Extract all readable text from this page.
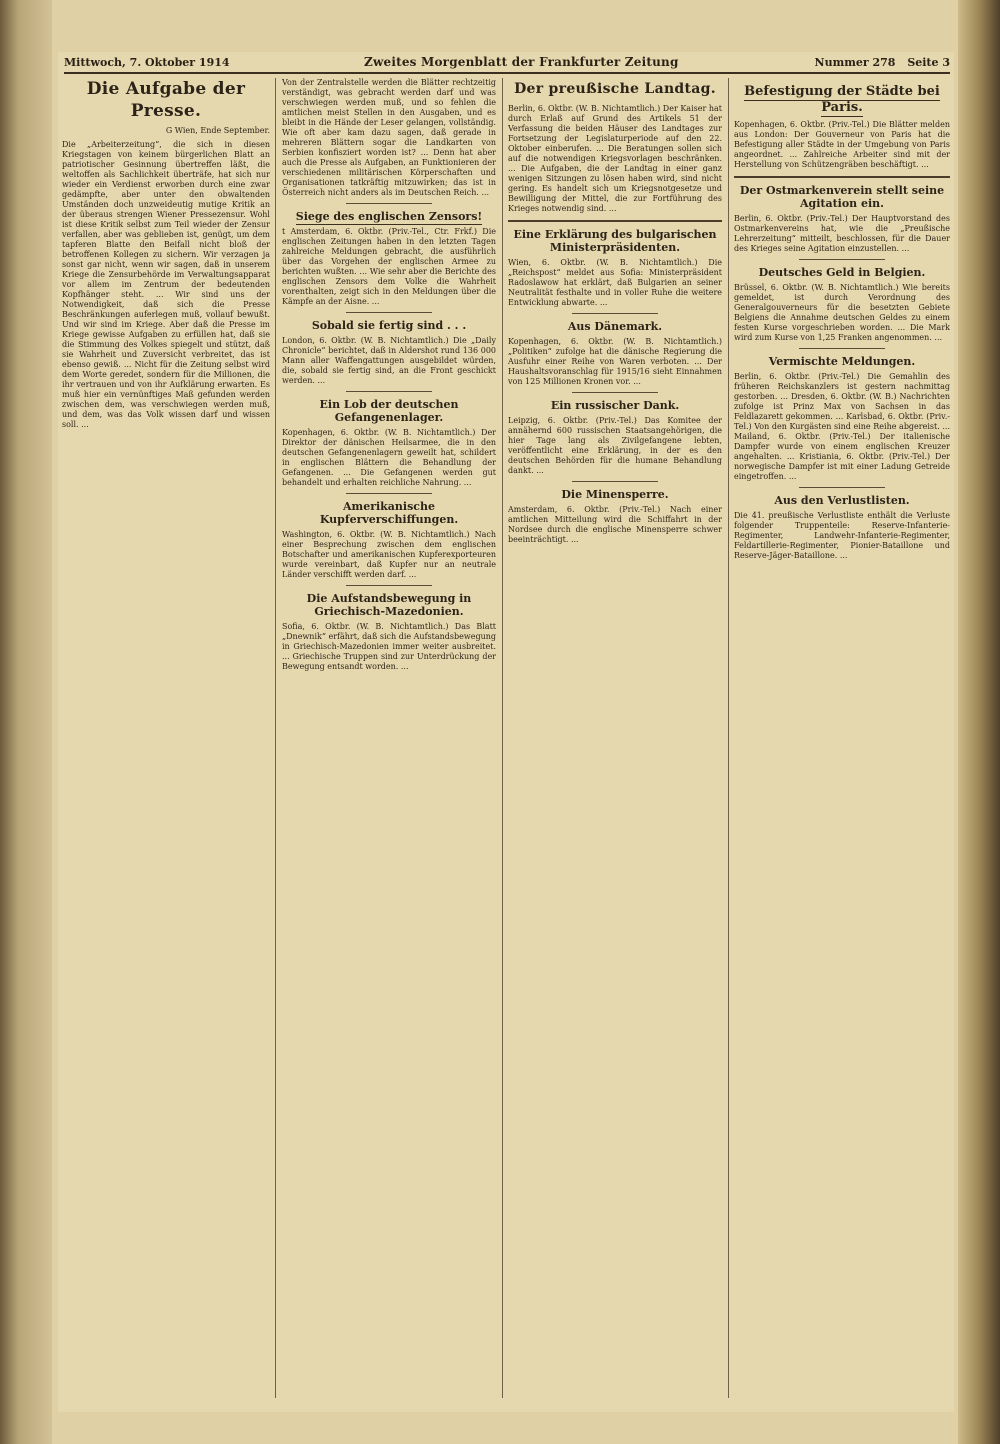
Mittwoch, 7. Oktober 1914	Zweites Morgenblatt der Frankfurter Zeitung	Nummer 278 Seite 3
Die Aufgabe der Presse.
G Wien, Ende September.
Die „Arbeiterzeitung“, die sich in diesen Kriegstagen von keinem bürgerlichen Blatt an patriotischer Gesinnung übertreffen läßt, die weltoffen als Sachlichkeit überträfe, hat sich nur wieder ein Verdienst erworben durch eine zwar gedämpfte, aber unter den obwaltenden Umständen doch unzweideutig mutige Kritik an der überaus strengen Wiener Pressezensur. Wohl ist diese Kritik selbst zum Teil wieder der Zensur verfallen, aber was geblieben ist, genügt, um dem tapferen Blatte den Beifall nicht bloß der betroffenen Kollegen zu sichern. Wir verzagen ja sonst gar nicht, wenn wir sagen, daß in unserem Kriege die Zensurbehörde im Verwaltungsapparat vor allem im Zentrum der bedeutenden Kopfhänger steht. ... Wir sind uns der Notwendigkeit, daß sich die Presse Beschränkungen auferlegen muß, vollauf bewußt. Und wir sind im Kriege. Aber daß die Presse im Kriege gewisse Aufgaben zu erfüllen hat, daß sie die Stimmung des Volkes spiegelt und stützt, daß sie Wahrheit und Zuversicht verbreitet, das ist ebenso gewiß. ... Nicht für die Zeitung selbst wird dem Worte geredet, sondern für die Millionen, die ihr vertrauen und von ihr Aufklärung erwarten. Es muß hier ein vernünftiges Maß gefunden werden zwischen dem, was verschwiegen werden muß, und dem, was das Volk wissen darf und wissen soll. ...
Von der Zentralstelle werden die Blätter rechtzeitig verständigt, was gebracht werden darf und was verschwiegen werden muß, und so fehlen die amtlichen meist Stellen in den Ausgaben, und es bleibt in die Hände der Leser gelangen, vollständig. Wie oft aber kam dazu sagen, daß gerade in mehreren Blättern sogar die Landkarten von Serbien konfisziert worden ist? ... Denn hat aber auch die Presse als Aufgaben, an Funktionieren der verschiedenen militärischen Körperschaften und Organisationen tatkräftig mitzuwirken; das ist in Österreich nicht anders als im Deutschen Reich. ...
Siege des englischen Zensors!
t Amsterdam, 6. Oktbr. (Priv.-Tel., Ctr. Frkf.) Die englischen Zeitungen haben in den letzten Tagen zahlreiche Meldungen gebracht, die ausführlich über das Vorgehen der englischen Armee zu berichten wußten. ... Wie sehr aber die Berichte des englischen Zensors dem Volke die Wahrheit vorenthalten, zeigt sich in den Meldungen über die Kämpfe an der Aisne. ...
Sobald sie fertig sind . . .
London, 6. Oktbr. (W. B. Nichtamtlich.) Die „Daily Chronicle“ berichtet, daß in Aldershot rund 136 000 Mann aller Waffengattungen ausgebildet würden, die, sobald sie fertig sind, an die Front geschickt werden. ...
Ein Lob der deutschen Gefangenenlager.
Kopenhagen, 6. Oktbr. (W. B. Nichtamtlich.) Der Direktor der dänischen Heilsarmee, die in den deutschen Gefangenenlagern geweilt hat, schildert in englischen Blättern die Behandlung der Gefangenen. ... Die Gefangenen werden gut behandelt und erhalten reichliche Nahrung. ...
Amerikanische Kupferverschiffungen.
Washington, 6. Oktbr. (W. B. Nichtamtlich.) Nach einer Besprechung zwischen dem englischen Botschafter und amerikanischen Kupferexporteuren wurde vereinbart, daß Kupfer nur an neutrale Länder verschifft werden darf. ...
Die Aufstandsbewegung in Griechisch-Mazedonien.
Sofia, 6. Oktbr. (W. B. Nichtamtlich.) Das Blatt „Dnewnik“ erfährt, daß sich die Aufstandsbewegung in Griechisch-Mazedonien immer weiter ausbreitet. ... Griechische Truppen sind zur Unterdrückung der Bewegung entsandt worden. ...
Der preußische Landtag.
Berlin, 6. Oktbr. (W. B. Nichtamtlich.) Der Kaiser hat durch Erlaß auf Grund des Artikels 51 der Verfassung die beiden Häuser des Landtages zur Fortsetzung der Legislaturperiode auf den 22. Oktober einberufen. ... Die Beratungen sollen sich auf die notwendigen Kriegsvorlagen beschränken. ... Die Aufgaben, die der Landtag in einer ganz wenigen Sitzungen zu lösen haben wird, sind nicht gering. Es handelt sich um Kriegsnotgesetze und Bewilligung der Mittel, die zur Fortführung des Krieges notwendig sind. ...
Eine Erklärung des bulgarischen Ministerpräsidenten.
Wien, 6. Oktbr. (W. B. Nichtamtlich.) Die „Reichspost“ meldet aus Sofia: Ministerpräsident Radoslawow hat erklärt, daß Bulgarien an seiner Neutralität festhalte und in voller Ruhe die weitere Entwicklung abwarte. ...
Aus Dänemark.
Kopenhagen, 6. Oktbr. (W. B. Nichtamtlich.) „Politiken“ zufolge hat die dänische Regierung die Ausfuhr einer Reihe von Waren verboten. ... Der Haushaltsvoranschlag für 1915/16 sieht Einnahmen von 125 Millionen Kronen vor. ...
Ein russischer Dank.
Leipzig, 6. Oktbr. (Priv.-Tel.) Das Komitee der annähernd 600 russischen Staatsangehörigen, die hier Tage lang als Zivilgefangene lebten, veröffentlicht eine Erklärung, in der es den deutschen Behörden für die humane Behandlung dankt. ...
Die Minensperre.
Amsterdam, 6. Oktbr. (Priv.-Tel.) Nach einer amtlichen Mitteilung wird die Schiffahrt in der Nordsee durch die englische Minensperre schwer beeinträchtigt. ...
Befestigung der Städte bei Paris.
Kopenhagen, 6. Oktbr. (Priv.-Tel.) Die Blätter melden aus London: Der Gouverneur von Paris hat die Befestigung aller Städte in der Umgebung von Paris angeordnet. ... Zahlreiche Arbeiter sind mit der Herstellung von Schützengräben beschäftigt. ...
Der Ostmarkenverein stellt seine Agitation ein.
Berlin, 6. Oktbr. (Priv.-Tel.) Der Hauptvorstand des Ostmarkenvereins hat, wie die „Preußische Lehrerzeitung“ mitteilt, beschlossen, für die Dauer des Krieges seine Agitation einzustellen. ...
Deutsches Geld in Belgien.
Brüssel, 6. Oktbr. (W. B. Nichtamtlich.) Wie bereits gemeldet, ist durch Verordnung des Generalgouverneurs für die besetzten Gebiete Belgiens die Annahme deutschen Geldes zu einem festen Kurse vorgeschrieben worden. ... Die Mark wird zum Kurse von 1,25 Franken angenommen. ...
Vermischte Meldungen.
Berlin, 6. Oktbr. (Priv.-Tel.) Die Gemahlin des früheren Reichskanzlers ist gestern nachmittag gestorben. ... Dresden, 6. Oktbr. (W. B.) Nachrichten zufolge ist Prinz Max von Sachsen in das Feldlazarett gekommen. ... Karlsbad, 6. Oktbr. (Priv.-Tel.) Von den Kurgästen sind eine Reihe abgereist. ... Mailand, 6. Oktbr. (Priv.-Tel.) Der italienische Dampfer wurde von einem englischen Kreuzer angehalten. ... Kristiania, 6. Oktbr. (Priv.-Tel.) Der norwegische Dampfer ist mit einer Ladung Getreide eingetroffen. ...
Aus den Verlustlisten.
Die 41. preußische Verlustliste enthält die Verluste folgender Truppenteile: Reserve-Infanterie-Regimenter, Landwehr-Infanterie-Regimenter, Feldartillerie-Regimenter, Pionier-Bataillone und Reserve-Jäger-Bataillone. ...
